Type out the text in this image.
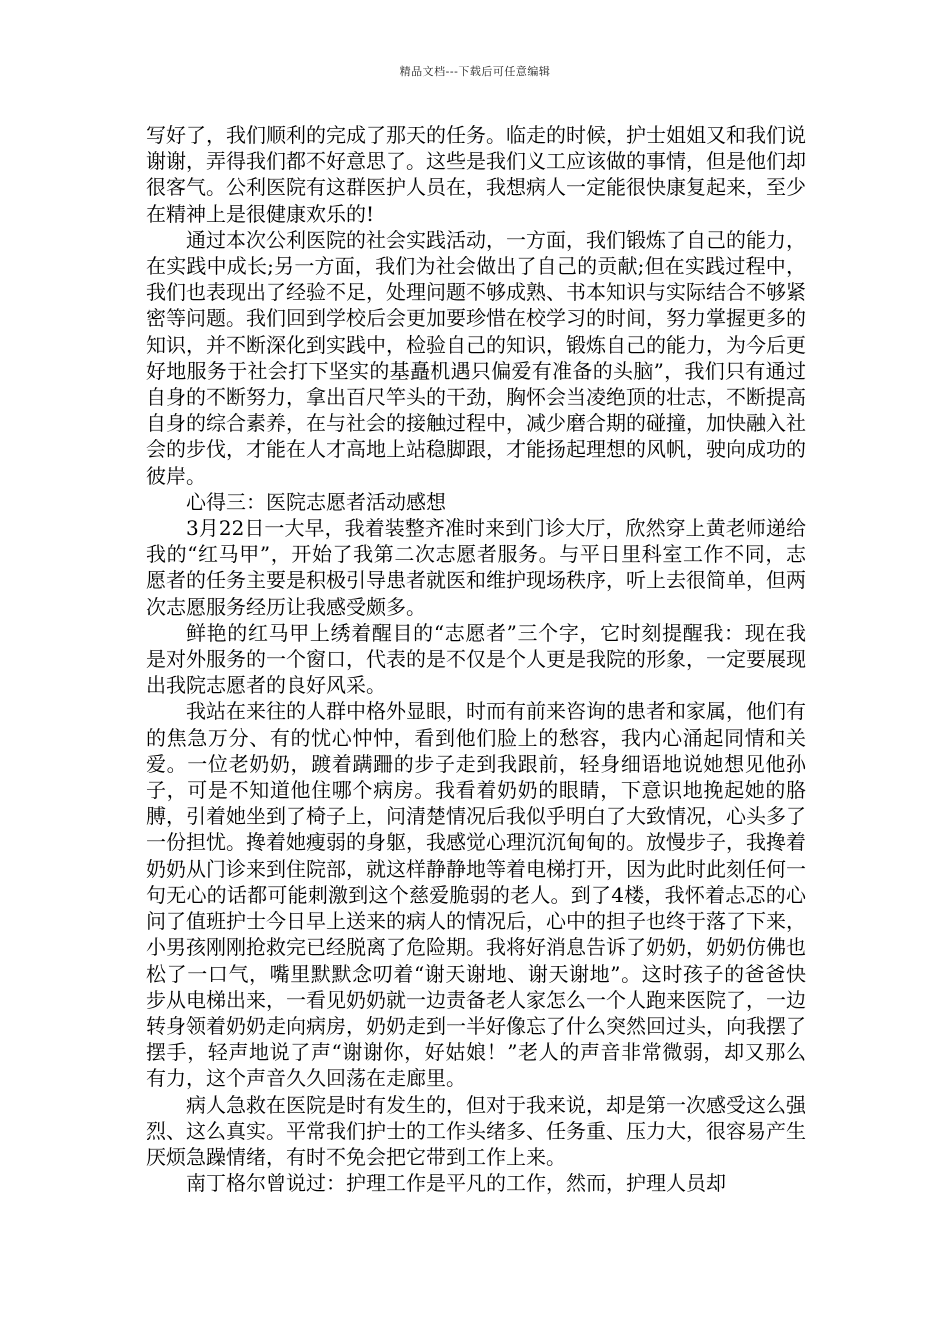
精品文档---下载后可任意编辑

写好了，我们顺利的完成了那天的任务。临走的时候，护士姐姐又和我们说谢谢，弄得我们都不好意思了。这些是我们义工应该做的事情，但是他们却很客气。公利医院有这群医护人员在，我想病人一定能很快康复起来，至少在精神上是很健康欢乐的!

通过本次公利医院的社会实践活动，一方面，我们锻炼了自己的能力，在实践中成长;另一方面，我们为社会做出了自己的贡献;但在实践过程中，我们也表现出了经验不足，处理问题不够成熟、书本知识与实际结合不够紧密等问题。我们回到学校后会更加要珍惜在校学习的时间，努力掌握更多的知识，并不断深化到实践中，检验自己的知识，锻炼自己的能力，为今后更好地服务于社会打下坚实的基矗机遇只偏爱有准备的头脑”，我们只有通过自身的不断努力，拿出百尺竿头的干劲，胸怀会当凌绝顶的壮志，不断提高自身的综合素养，在与社会的接触过程中，减少磨合期的碰撞，加快融入社会的步伐，才能在人才高地上站稳脚跟，才能扬起理想的风帆，驶向成功的彼岸。

心得三：医院志愿者活动感想

3月22日一大早，我着装整齐准时来到门诊大厅，欣然穿上黄老师递给我的“红马甲”，开始了我第二次志愿者服务。与平日里科室工作不同，志愿者的任务主要是积极引导患者就医和维护现场秩序，听上去很简单，但两次志愿服务经历让我感受颇多。

鲜艳的红马甲上绣着醒目的“志愿者”三个字，它时刻提醒我：现在我是对外服务的一个窗口，代表的是不仅是个人更是我院的形象，一定要展现出我院志愿者的良好风采。

我站在来往的人群中格外显眼，时而有前来咨询的患者和家属，他们有的焦急万分、有的忧心忡忡，看到他们脸上的愁容，我内心涌起同情和关爱。一位老奶奶，踱着蹒跚的步子走到我跟前，轻身细语地说她想见他孙子，可是不知道他住哪个病房。我看着奶奶的眼睛，下意识地挽起她的胳膊，引着她坐到了椅子上，问清楚情况后我似乎明白了大致情况，心头多了一份担忧。搀着她瘦弱的身躯，我感觉心理沉沉甸甸的。放慢步子，我搀着奶奶从门诊来到住院部，就这样静静地等着电梯打开，因为此时此刻任何一句无心的话都可能刺激到这个慈爱脆弱的老人。到了4楼，我怀着忐忑的心问了值班护士今日早上送来的病人的情况后，心中的担子也终于落了下来，小男孩刚刚抢救完已经脱离了危险期。我将好消息告诉了奶奶，奶奶仿佛也松了一口气，嘴里默默念叨着“谢天谢地、谢天谢地”。这时孩子的爸爸快步从电梯出来，一看见奶奶就一边责备老人家怎么一个人跑来医院了，一边转身领着奶奶走向病房，奶奶走到一半好像忘了什么突然回过头，向我摆了摆手，轻声地说了声“谢谢你，好姑娘！”老人的声音非常微弱，却又那么有力，这个声音久久回荡在走廊里。

病人急救在医院是时有发生的，但对于我来说，却是第一次感受这么强烈、这么真实。平常我们护士的工作头绪多、任务重、压力大，很容易产生厌烦急躁情绪，有时不免会把它带到工作上来。

南丁格尔曾说过：护理工作是平凡的工作，然而，护理人员却
